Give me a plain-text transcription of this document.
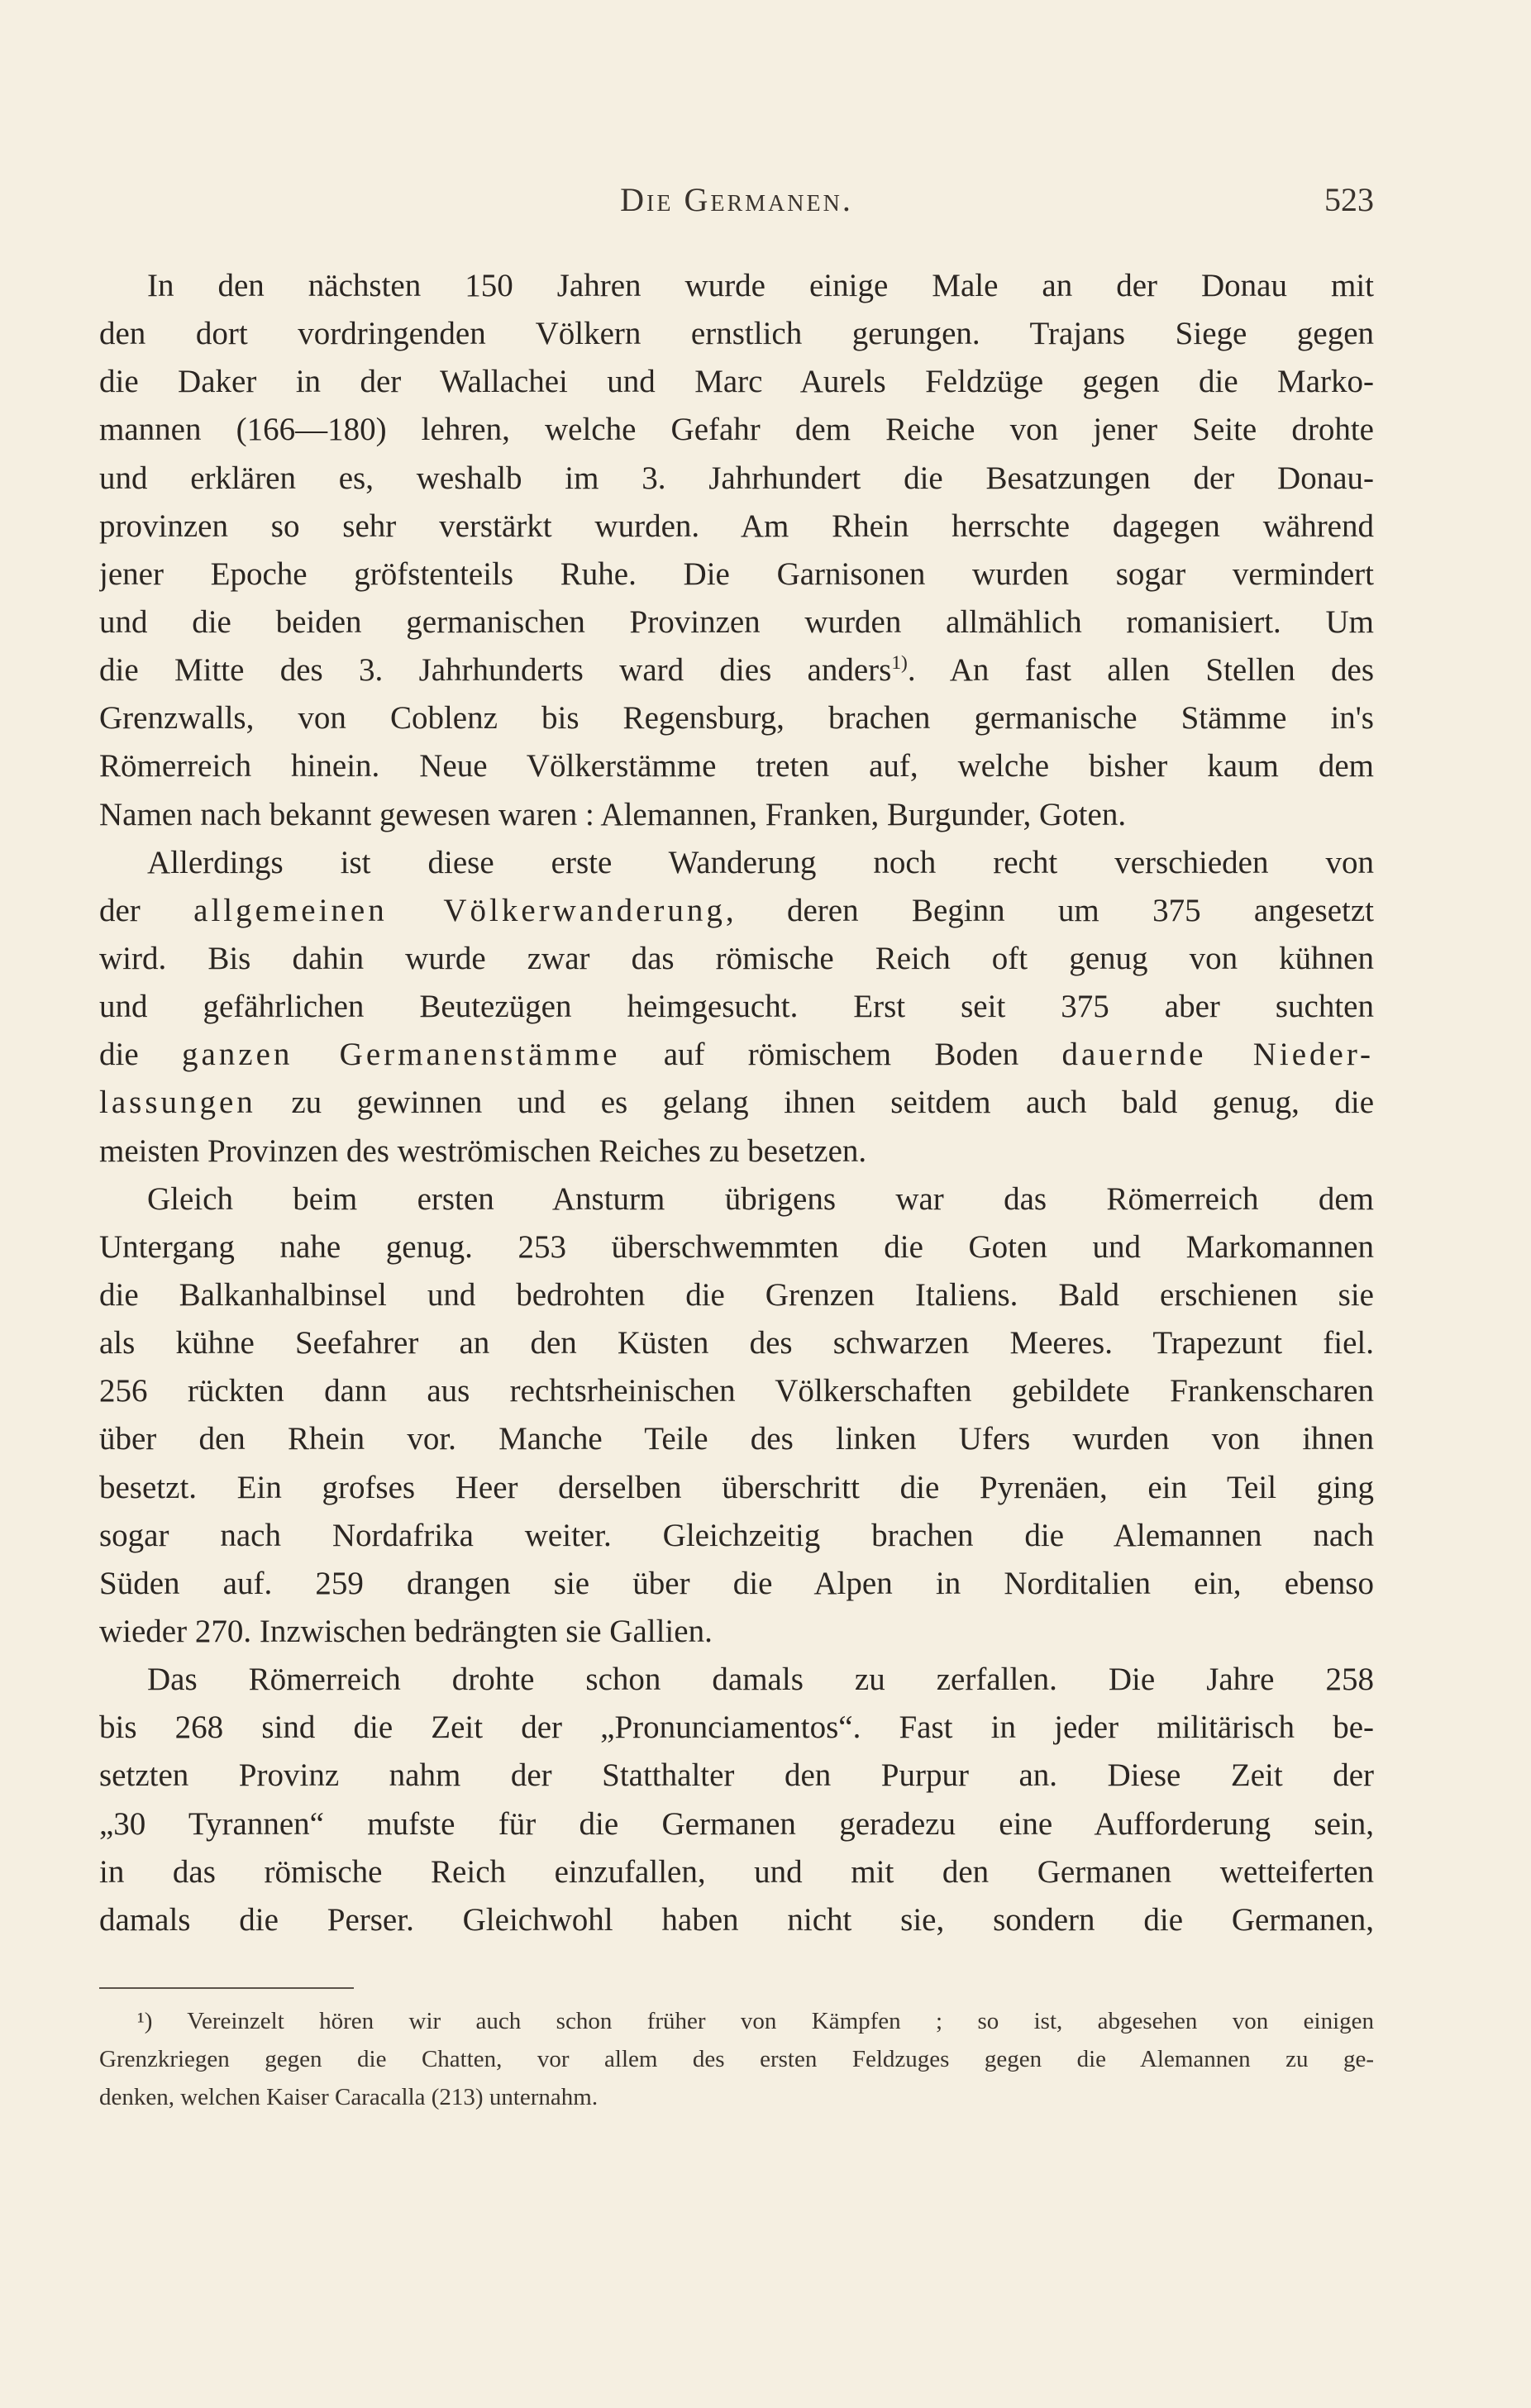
Die Germanen.	523
In den nächsten 150 Jahren wurde einige Male an der Donau mit
den dort vordringenden Völkern ernstlich gerungen. Trajans Siege gegen
die Daker in der Wallachei und Marc Aurels Feldzüge gegen die Marko-
mannen (166—180) lehren, welche Gefahr dem Reiche von jener Seite drohte
und erklären es, weshalb im 3. Jahrhundert die Besatzungen der Donau-
provinzen so sehr verstärkt wurden. Am Rhein herrschte dagegen während
jener Epoche gröfstenteils Ruhe. Die Garnisonen wurden sogar vermindert
und die beiden germanischen Provinzen wurden allmählich romanisiert. Um
die Mitte des 3. Jahrhunderts ward dies anders$^{1)}$. An fast allen Stellen des
Grenzwalls, von Coblenz bis Regensburg, brachen germanische Stämme in's
Römerreich hinein. Neue Völkerstämme treten auf, welche bisher kaum dem
Namen nach bekannt gewesen waren : Alemannen, Franken, Burgunder, Goten.
Allerdings ist diese erste Wanderung noch recht verschieden von
der allgemeinen Völkerwanderung, deren Beginn um 375 angesetzt
wird. Bis dahin wurde zwar das römische Reich oft genug von kühnen
und gefährlichen Beutezügen heimgesucht. Erst seit 375 aber suchten
die ganzen Germanenstämme auf römischem Boden dauernde Nieder-
lassungen zu gewinnen und es gelang ihnen seitdem auch bald genug, die
meisten Provinzen des weströmischen Reiches zu besetzen.
Gleich beim ersten Ansturm übrigens war das Römerreich dem
Untergang nahe genug. 253 überschwemmten die Goten und Markomannen
die Balkanhalbinsel und bedrohten die Grenzen Italiens. Bald erschienen sie
als kühne Seefahrer an den Küsten des schwarzen Meeres. Trapezunt fiel.
256 rückten dann aus rechtsrheinischen Völkerschaften gebildete Frankenscharen
über den Rhein vor. Manche Teile des linken Ufers wurden von ihnen
besetzt. Ein grofses Heer derselben überschritt die Pyrenäen, ein Teil ging
sogar nach Nordafrika weiter. Gleichzeitig brachen die Alemannen nach
Süden auf. 259 drangen sie über die Alpen in Norditalien ein, ebenso
wieder 270. Inzwischen bedrängten sie Gallien.
Das Römerreich drohte schon damals zu zerfallen. Die Jahre 258
bis 268 sind die Zeit der „Pronunciamentos“. Fast in jeder militärisch be-
setzten Provinz nahm der Statthalter den Purpur an. Diese Zeit der
„30 Tyrannen“ mufste für die Germanen geradezu eine Aufforderung sein,
in das römische Reich einzufallen, und mit den Germanen wetteiferten
damals die Perser. Gleichwohl haben nicht sie, sondern die Germanen,
¹) Vereinzelt hören wir auch schon früher von Kämpfen ; so ist, abgesehen von einigen
Grenzkriegen gegen die Chatten, vor allem des ersten Feldzuges gegen die Alemannen zu ge-
denken, welchen Kaiser Caracalla (213) unternahm.
